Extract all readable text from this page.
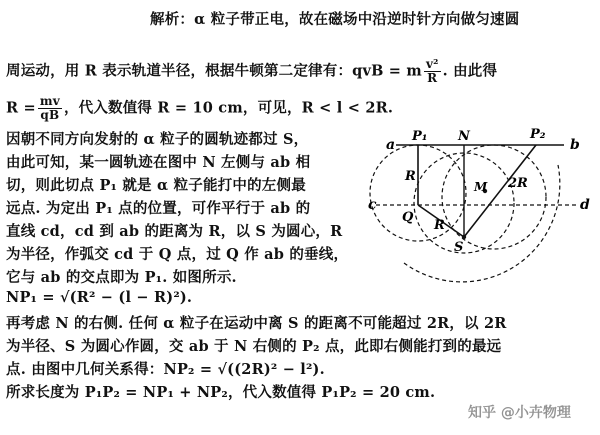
解析：α 粒子带正电，故在磁场中沿逆时针方向做匀速圆
周运动，用 R 表示轨道半径，根据牛顿第二定律有：qvB = m $\frac{\text{v²}}{R}$ . 由此得
$R = \frac{mv}{qB}$ ，代入数值得 R = 10 cm，可见，R < l < 2R.
因朝不同方向发射的 α 粒子的圆轨迹都过 S，
由此可知，某一圆轨迹在图中 N 左侧与 ab 相
切，则此切点 P₁ 就是 α 粒子能打中的左侧最
远点. 为定出 P₁ 点的位置，可作平行于 ab 的
直线 cd，cd 到 ab 的距离为 R，以 S 为圆心，R
为半径，作弧交 cd 于 Q 点，过 Q 作 ab 的垂线，
它与 ab 的交点即为 P₁. 如图所示.
NP₁ = √(R² − (l − R)²).
再考虑 N 的右侧. 任何 α 粒子在运动中离 S 的距离不可能超过 2R，以 2R
为半径、S 为圆心作圆，交 ab 于 N 右侧的 P₂ 点，此即右侧能打到的最远
点. 由图中几何关系得：NP₂ = √((2R)² − l²).
所求长度为 P₁P₂ = NP₁ + NP₂，代入数值得 P₁P₂ = 20 cm.
a
P₁ N	P₂
b
c	d
R
Q
R
S
M 2R
知乎 @小卉物理
